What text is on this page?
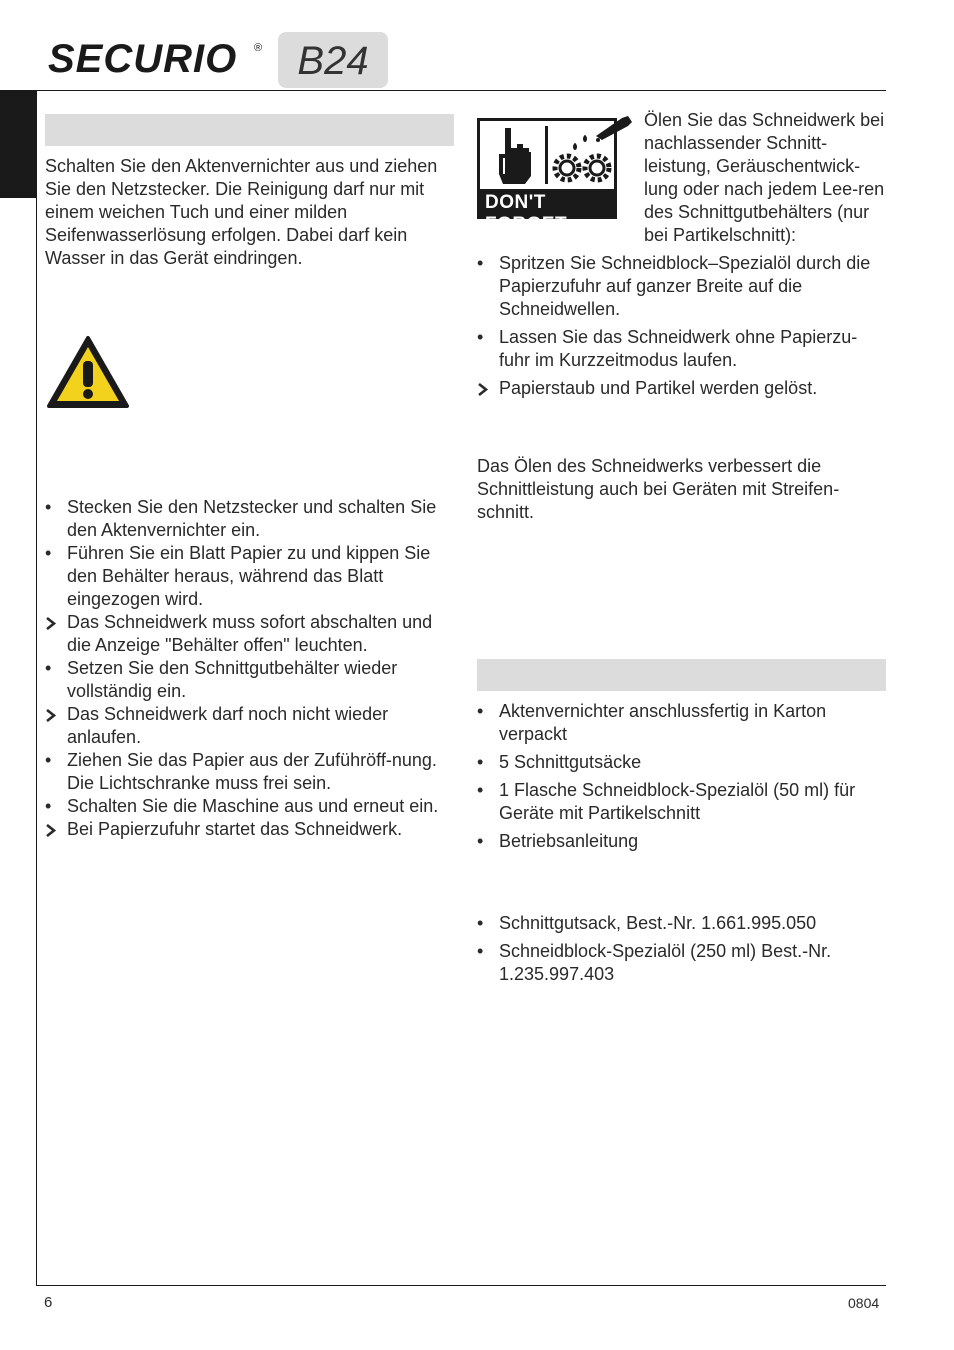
SECURIO ® B24

Schalten Sie den Aktenvernichter aus und ziehen Sie den Netzstecker. Die Reinigung darf nur mit einem weichen Tuch und einer milden Seifenwasserlösung erfolgen. Dabei darf kein Wasser in das Gerät eindringen.

•
Stecken Sie den Netzstecker und schalten Sie den Aktenvernichter ein.
•
Führen Sie ein Blatt Papier zu und kippen Sie den Behälter heraus, während das Blatt eingezogen wird.
Das Schneidwerk muss sofort abschalten und die Anzeige "Behälter offen" leuchten.
•
Setzen Sie den Schnittgutbehälter wieder vollständig ein.
Das Schneidwerk darf noch nicht wieder anlaufen.
•
Ziehen Sie das Papier aus der Zuführöff-nung. Die Lichtschranke muss frei sein.
•
Schalten Sie die Maschine aus und erneut ein.
Bei Papierzufuhr startet das Schneidwerk.
DON'T FORGET

Ölen Sie das Schneidwerk bei nachlassender Schnitt-leistung, Geräuschentwick-lung oder nach jedem Lee-ren des Schnittgutbehälters (nur bei Partikelschnitt):

•
Spritzen Sie Schneidblock–Spezialöl durch die Papierzufuhr auf ganzer Breite auf die Schneidwellen.
•
Lassen Sie das Schneidwerk ohne Papierzu-fuhr im Kurzzeitmodus laufen.
Papierstaub und Partikel werden gelöst.

Das Ölen des Schneidwerks verbessert die Schnittleistung auch bei Geräten mit Streifen-schnitt.

•
Aktenvernichter anschlussfertig in Karton verpackt
•
5 Schnittgutsäcke
•
1 Flasche Schneidblock-Spezialöl (50 ml) für Geräte mit Partikelschnitt
•
Betriebsanleitung
•
Schnittgutsack, Best.-Nr. 1.661.995.050
•
Schneidblock-Spezialöl (250 ml) Best.-Nr. 1.235.997.403
6	0804
